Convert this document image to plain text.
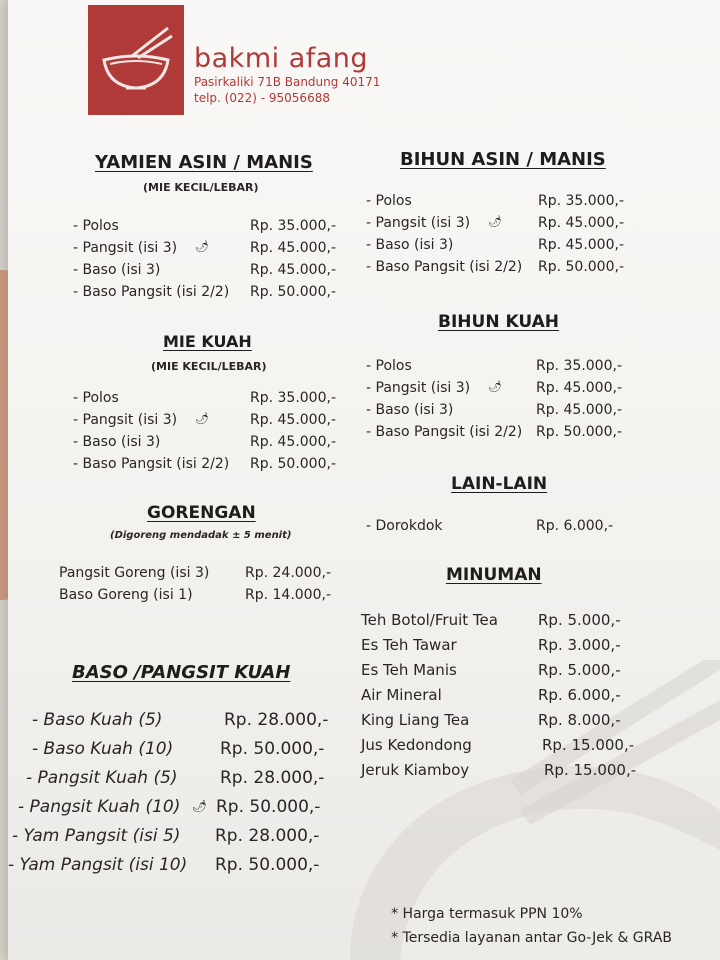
bakmi afang
Pasirkaliki 71B Bandung 40171
telp. (022) - 95056688
YAMIEN ASIN / MANIS
(MIE KECIL/LEBAR)
- Polos	Rp. 35.000,-
- Pangsit (isi 3) 🌶	Rp. 45.000,-
- Baso (isi 3)	Rp. 45.000,-
- Baso Pangsit (isi 2/2) Rp. 50.000,-
MIE KUAH
(MIE KECIL/LEBAR)
- Polos	Rp. 35.000,-
- Pangsit (isi 3) 🌶	Rp. 45.000,-
- Baso (isi 3)	Rp. 45.000,-
- Baso Pangsit (isi 2/2) Rp. 50.000,-
GORENGAN
(Digoreng mendadak ± 5 menit)
Pangsit Goreng (isi 3)	Rp. 24.000,-
Baso Goreng (isi 1)	Rp. 14.000,-
BASO /PANGSIT KUAH
- Baso Kuah (5)	Rp. 28.000,-
- Baso Kuah (10)	Rp. 50.000,-
- Pangsit Kuah (5) Rp. 28.000,-
- Pangsit Kuah (10) 🌶 Rp. 50.000,-
- Yam Pangsit (isi 5) Rp. 28.000,-
- Yam Pangsit (isi 10) Rp. 50.000,-
BIHUN ASIN / MANIS
- Polos	Rp. 35.000,-
- Pangsit (isi 3) 🌶	Rp. 45.000,-
- Baso (isi 3)	Rp. 45.000,-
- Baso Pangsit (isi 2/2) Rp. 50.000,-
BIHUN KUAH
- Polos	Rp. 35.000,-
- Pangsit (isi 3) 🌶 Rp. 45.000,-
- Baso (isi 3)	Rp. 45.000,-
- Baso Pangsit (isi 2/2) Rp. 50.000,-
LAIN-LAIN
- Dorokdok	Rp. 6.000,-
MINUMAN
Teh Botol/Fruit Tea	Rp. 5.000,-
Es Teh Tawar	Rp. 3.000,-
Es Teh Manis	Rp. 5.000,-
Air Mineral	Rp. 6.000,-
King Liang Tea	Rp. 8.000,-
Jus Kedondong	Rp. 15.000,-
Jeruk Kiamboy	Rp. 15.000,-
* Harga termasuk PPN 10%
* Tersedia layanan antar Go-Jek & GRAB
